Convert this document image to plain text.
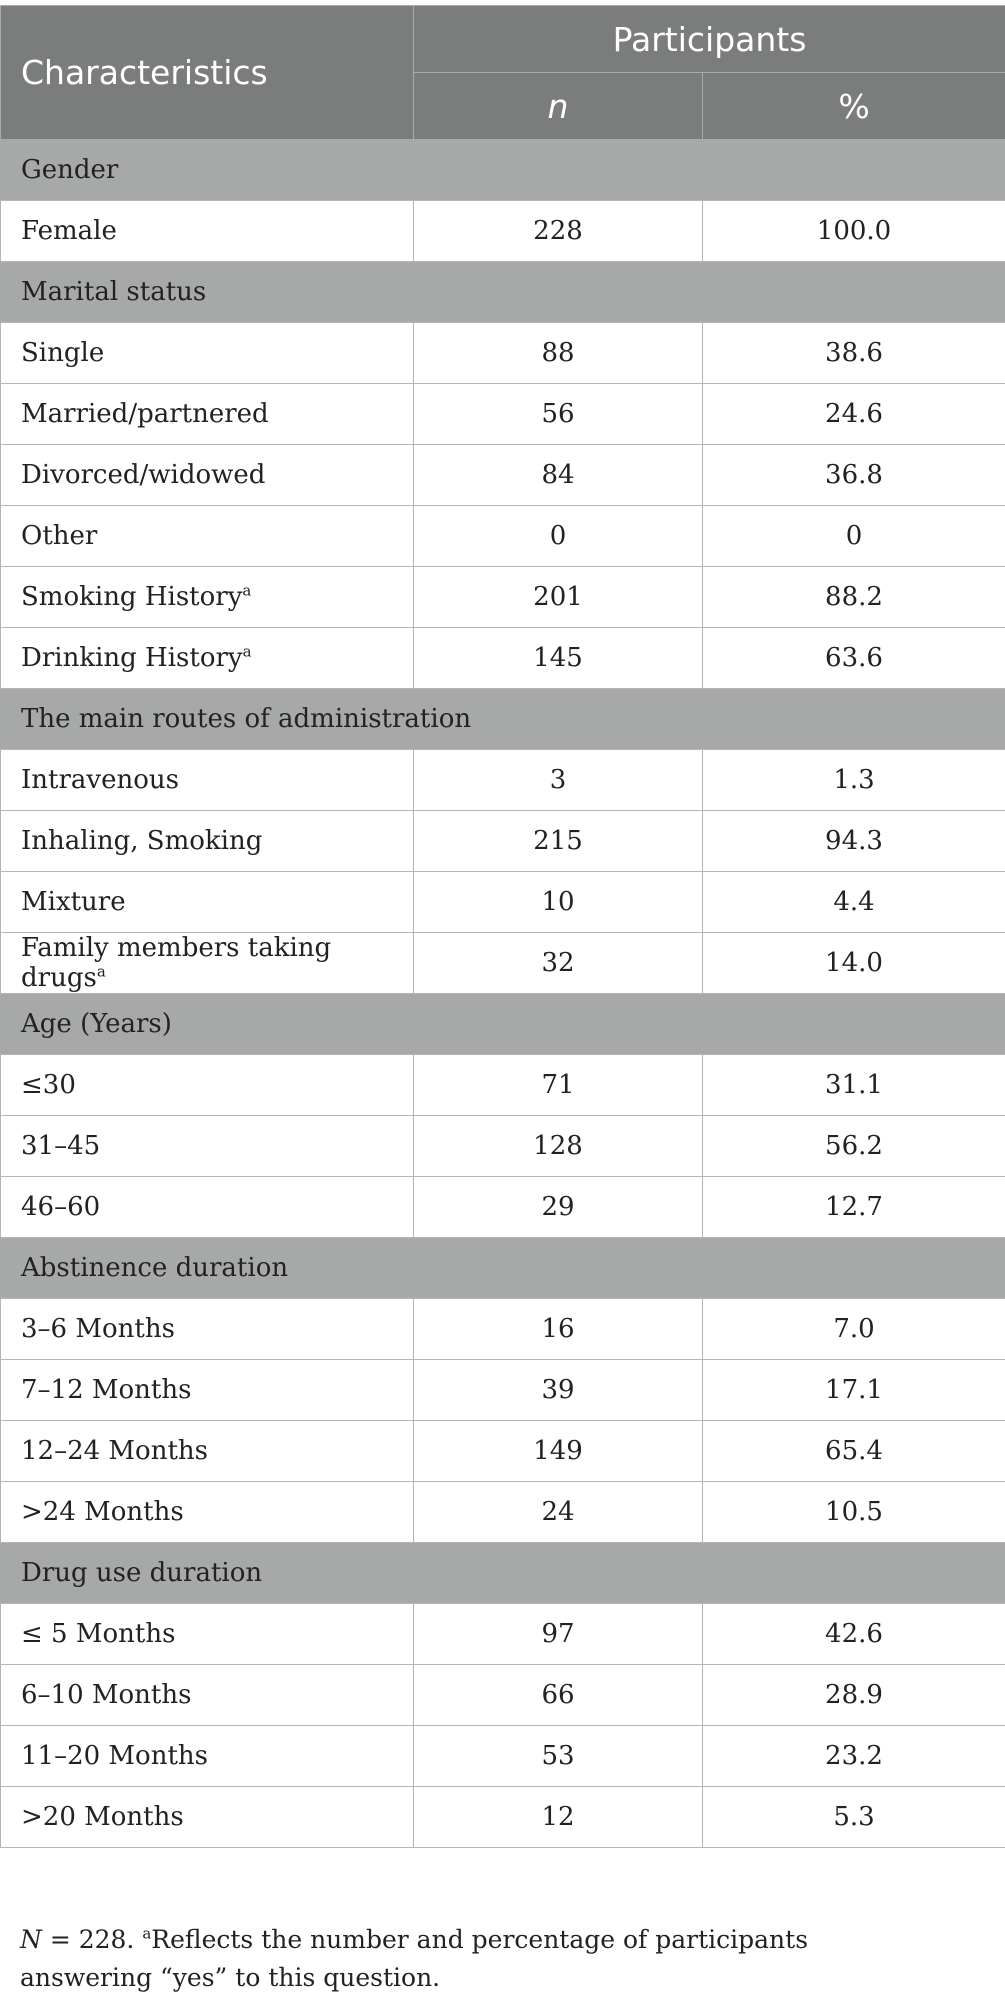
Characteristics	Participants	
	n	%
Gender		
Female	228	100.0
Marital status		
Single	88	38.6
Married/partnered	56	24.6
Divorced/widowed	84	36.8
Other	0	0
Smoking History$^a$	201	88.2
Drinking History$^a$	145	63.6
The main routes of administration		
Intravenous	3	1.3
Inhaling, Smoking	215	94.3
Mixture	10	4.4
Family members taking drugs$^a$	32	14.0
Age (Years)		
≤30	71	31.1
31–45	128	56.2
46–60	29	12.7
Abstinence duration		
3–6 Months	16	7.0
7–12 Months	39	17.1
12–24 Months	149	65.4
>24 Months	24	10.5
Drug use duration		
≤ 5 Months	97	42.6
6–10 Months	66	28.9
11–20 Months	53	23.2
>20 Months	12	5.3
N = 228. $^a$Reflects the number and percentage of participants answering “yes” to this question.
